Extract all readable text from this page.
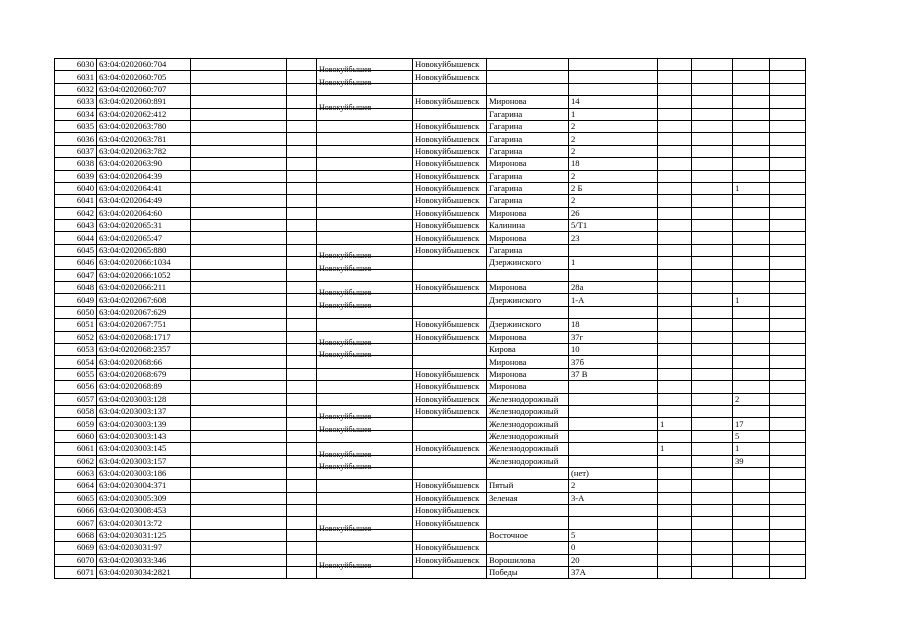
6030	63:04:0202060:704				Новокуйбышевск						
6031	63:04:0202060:705			Новокуйбышев	Новокуйбышевск						
6032	63:04:0202060:707			Новокуйбышев							

6033	63:04:0202060:891				Новокуйбышевск	Миронова	14				
6034	63:04:0202062:412			Новокуйбышев		Гагарина	1				
6035	63:04:0202063:780				Новокуйбышевск	Гагарина	2				
6036	63:04:0202063:781				Новокуйбышевск	Гагарина	2				
6037	63:04:0202063:782				Новокуйбышевск	Гагарина	2				
6038	63:04:0202063:90				Новокуйбышевск	Миронова	18				
6039	63:04:0202064:39				Новокуйбышевск	Гагарина	2				
6040	63:04:0202064:41				Новокуйбышевск	Гагарина	2 Б			1	
6041	63:04:0202064:49				Новокуйбышевск	Гагарина	2				
6042	63:04:0202064:60				Новокуйбышевск	Миронова	26				
6043	63:04:0202065:31				Новокуйбышевск	Калинина	5/Т1				
6044	63:04:0202065:47				Новокуйбышевск	Миронова	23				
6045	63:04:0202065:880				Новокуйбышевск	Гагарина					
6046	63:04:0202066:1034			Новокуйбышев		Дзержинского	1				
6047	63:04:0202066:1052			Новокуйбышев							

6048	63:04:0202066:211				Новокуйбышевск	Миронова	28а				
6049	63:04:0202067:608			Новокуйбышев		Дзержинского	1-А			1	
6050	63:04:0202067:629			Новокуйбышев							

6051	63:04:0202067:751				Новокуйбышевск	Дзержинского	18				
6052	63:04:0202068:1717				Новокуйбышевск	Миронова	37г				
6053	63:04:0202068:2357			Новокуйбышев		Кирова	10				
6054	63:04:0202068:66			Новокуйбышев		Миронова	37б				
6055	63:04:0202068:679				Новокуйбышевск	Миронова	37 В				
6056	63:04:0202068:89				Новокуйбышевск	Миронова					
6057	63:04:0203003:128				Новокуйбышевск	Железнодорожный				2	
6058	63:04:0203003:137				Новокуйбышевск	Железнодорожный					
6059	63:04:0203003:139			Новокуйбышев		Железнодорожный		1		17	
6060	63:04:0203003:143			Новокуйбышев		Железнодорожный				5	
6061	63:04:0203003:145				Новокуйбышевск	Железнодорожный		1		1	
6062	63:04:0203003:157			Новокуйбышев		Железнодорожный				39	
6063	63:04:0203003:186			Новокуйбышев			(нет)				
6064	63:04:0203004:371				Новокуйбышевск	Пятый	2				
6065	63:04:0203005:309				Новокуйбышевск	Зеленая	3-А				
6066	63:04:0203008:453				Новокуйбышевск						
6067	63:04:0203013:72				Новокуйбышевск						
6068	63:04:0203031:125			Новокуйбышев		Восточное	5				
6069	63:04:0203031:97				Новокуйбышевск		0				
6070	63:04:0203033:346				Новокуйбышевск	Ворошилова	20				
6071	63:04:0203034:2821			Новокуйбышев		Победы	37А				
